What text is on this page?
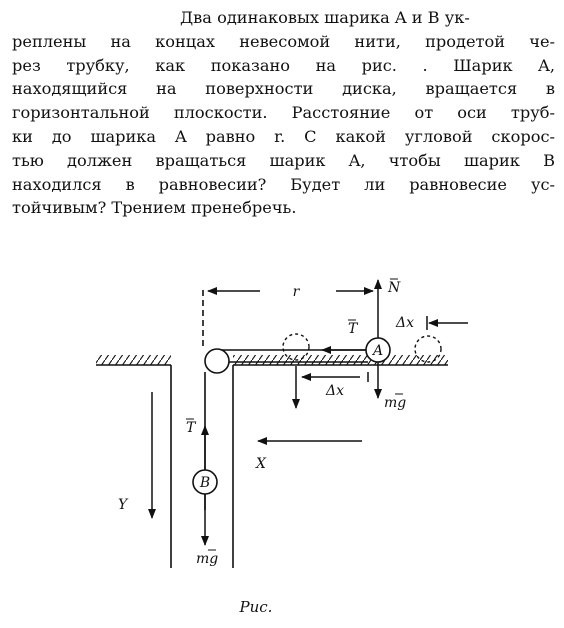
Два одинаковых шарика A и B ук-
реплены на концах невесомой нити, продетой че-
рез трубку, как показано на рис. . Шарик A,
находящийся на поверхности диска, вращается в
горизонтальной плоскости. Расстояние от оси труб-
ки до шарика A равно r. С какой угловой скорос-
тью должен вращаться шарик A, чтобы шарик B
находился в равновесии? Будет ли равновесие ус-
тойчивым? Трением пренебречь.
A
B
r	N
T
mg
Δx
Δx
T
mg
X
Y
Рис.
